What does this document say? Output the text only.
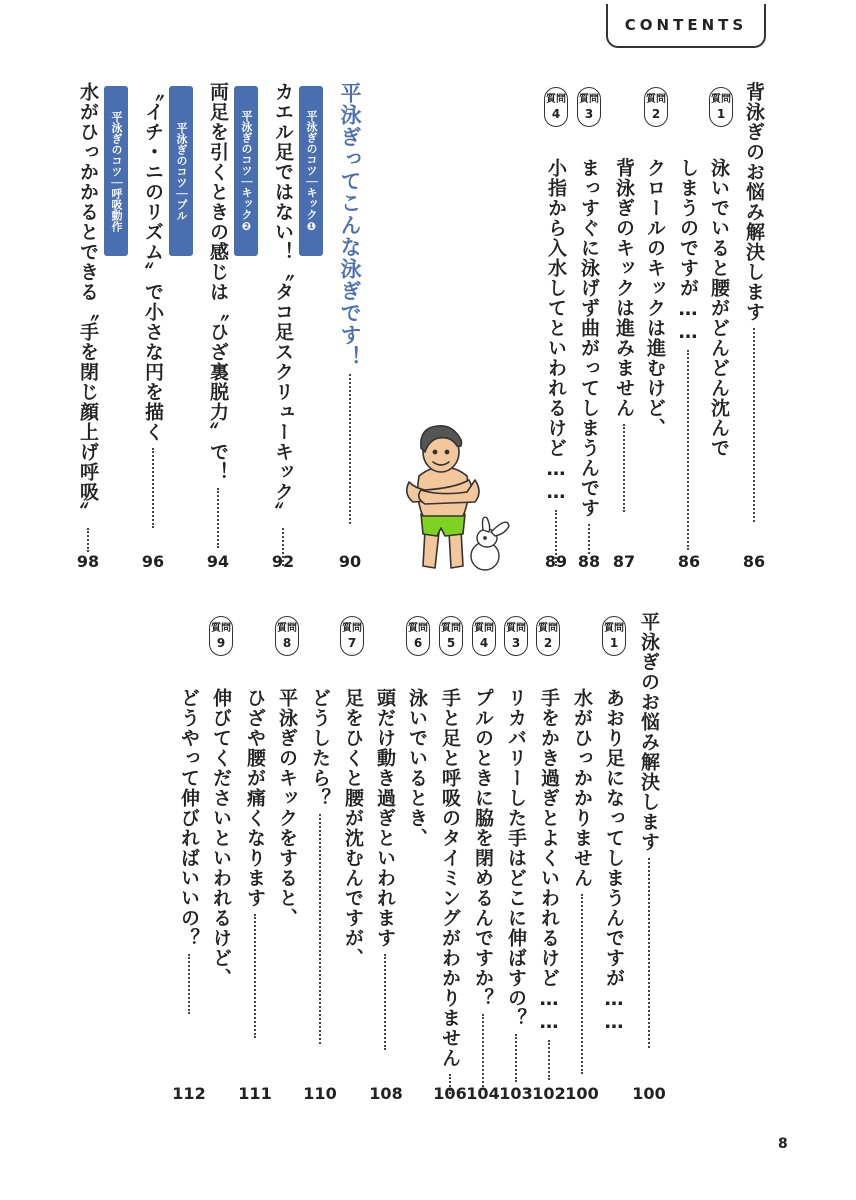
CONTENTS
背泳ぎのお悩み解決します
86
質問
1
泳いでいると腰がどんどん沈んで
しまうのですが……
86
質問
2
クロールのキックは進むけど、
背泳ぎのキックは進みません
87
質問
3
まっすぐに泳げず曲がってしまうんです
88
質問
4
小指から入水してといわれるけど……
89
平泳ぎってこんな泳ぎです！
90
平泳ぎのコツ｜キック❶
カエル足ではない！〝タコ足スクリューキック〟
92
平泳ぎのコツ｜キック❷
両足を引くときの感じは〝ひざ裏脱力〟で！
94
平泳ぎのコツ｜プル
〝イチ・ニのリズム〟で小さな円を描く
96
平泳ぎのコツ｜呼吸動作
水がひっかかるとできる〝手を閉じ顔上げ呼吸〟
98
平泳ぎのお悩み解決します
100
質問
1
あおり足になってしまうんですが……
水がひっかかりません
100
質問
2
手をかき過ぎとよくいわれるけど……
102
質問
3
リカバリーした手はどこに伸ばすの？
103
質問
4
プルのときに脇を閉めるんですか？
104
質問
5
手と足と呼吸のタイミングがわかりません
106
質問
6
泳いでいるとき、
頭だけ動き過ぎといわれます
108
質問
7
足をひくと腰が沈むんですが、
どうしたら？
110
質問
8
平泳ぎのキックをすると、
ひざや腰が痛くなります
111
質問
9
伸びてくださいといわれるけど、
どうやって伸びればいいの？
112
8
